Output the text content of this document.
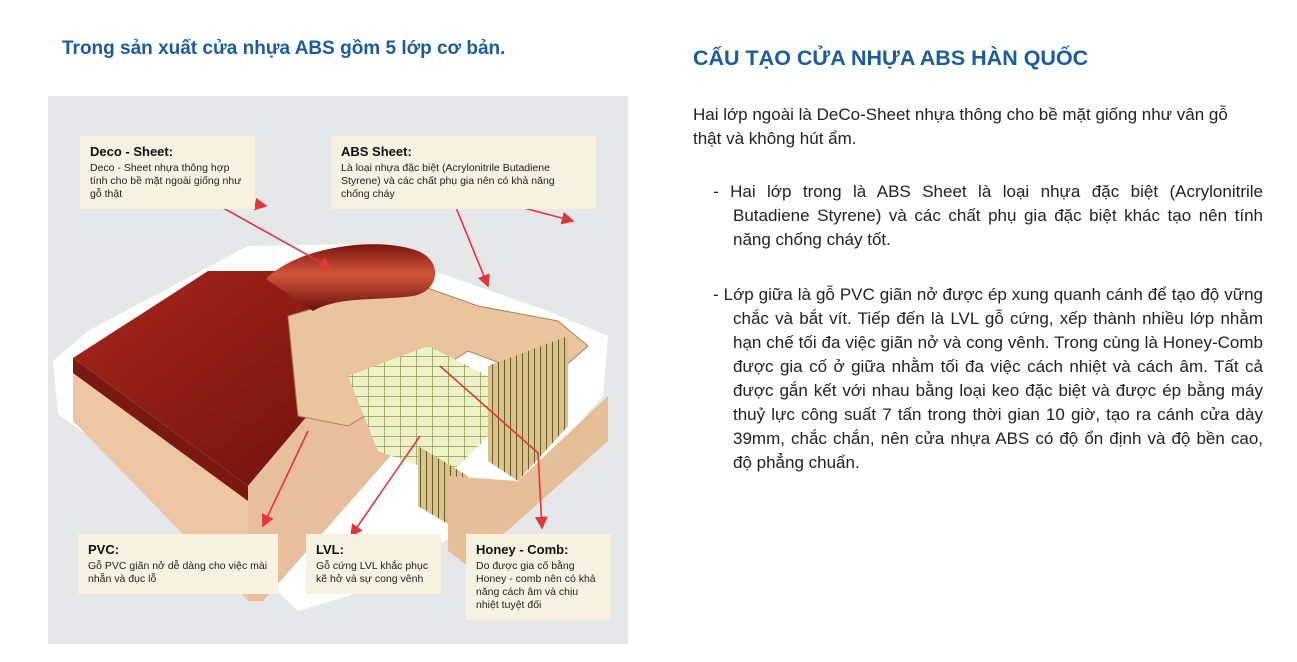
Trong sản xuất cửa nhựa ABS gồm 5 lớp cơ bản.
Deco - Sheet:
Deco - Sheet nhựa thông hợp tính cho bề mặt ngoài giống như gỗ thật
ABS Sheet:
Là loại nhựa đặc biệt (Acrylonitrile Butadiene Styrene) và các chất phụ gia nên có khả năng chống cháy
PVC:
Gỗ PVC giãn nở dễ dàng cho việc mài nhẵn và đục lỗ
LVL:
Gỗ cứng LVL khắc phục kẽ hở và sự cong vênh
Honey - Comb:
Do được gia cố bằng Honey - comb nên có khả năng cách âm và chịu nhiệt tuyệt đối
CẤU TẠO CỬA NHỰA ABS HÀN QUỐC

Hai lớp ngoài là DeCo-Sheet nhựa thông cho bề mặt giống như vân gỗ thật và không hút ẩm.

- Hai lớp trong là ABS Sheet là loại nhựa đặc biệt (Acrylonitrile Butadiene Styrene) và các chất phụ gia đặc biệt khác tạo nên tính năng chống cháy tốt.

- Lớp giữa là gỗ PVC giãn nở được ép xung quanh cánh để tạo độ vững chắc và bắt vít. Tiếp đến là LVL gỗ cứng, xếp thành nhiều lớp nhằm hạn chế tối đa việc giãn nở và cong vênh. Trong cùng là Honey-Comb được gia cố ở giữa nhằm tối đa việc cách nhiệt và cách âm. Tất cả được gắn kết với nhau bằng loại keo đặc biệt và được ép bằng máy thuỷ lực công suất 7 tấn trong thời gian 10 giờ, tạo ra cánh cửa dày 39mm, chắc chắn, nên cửa nhựa ABS có độ ổn định và độ bền cao, độ phẳng chuẩn.
